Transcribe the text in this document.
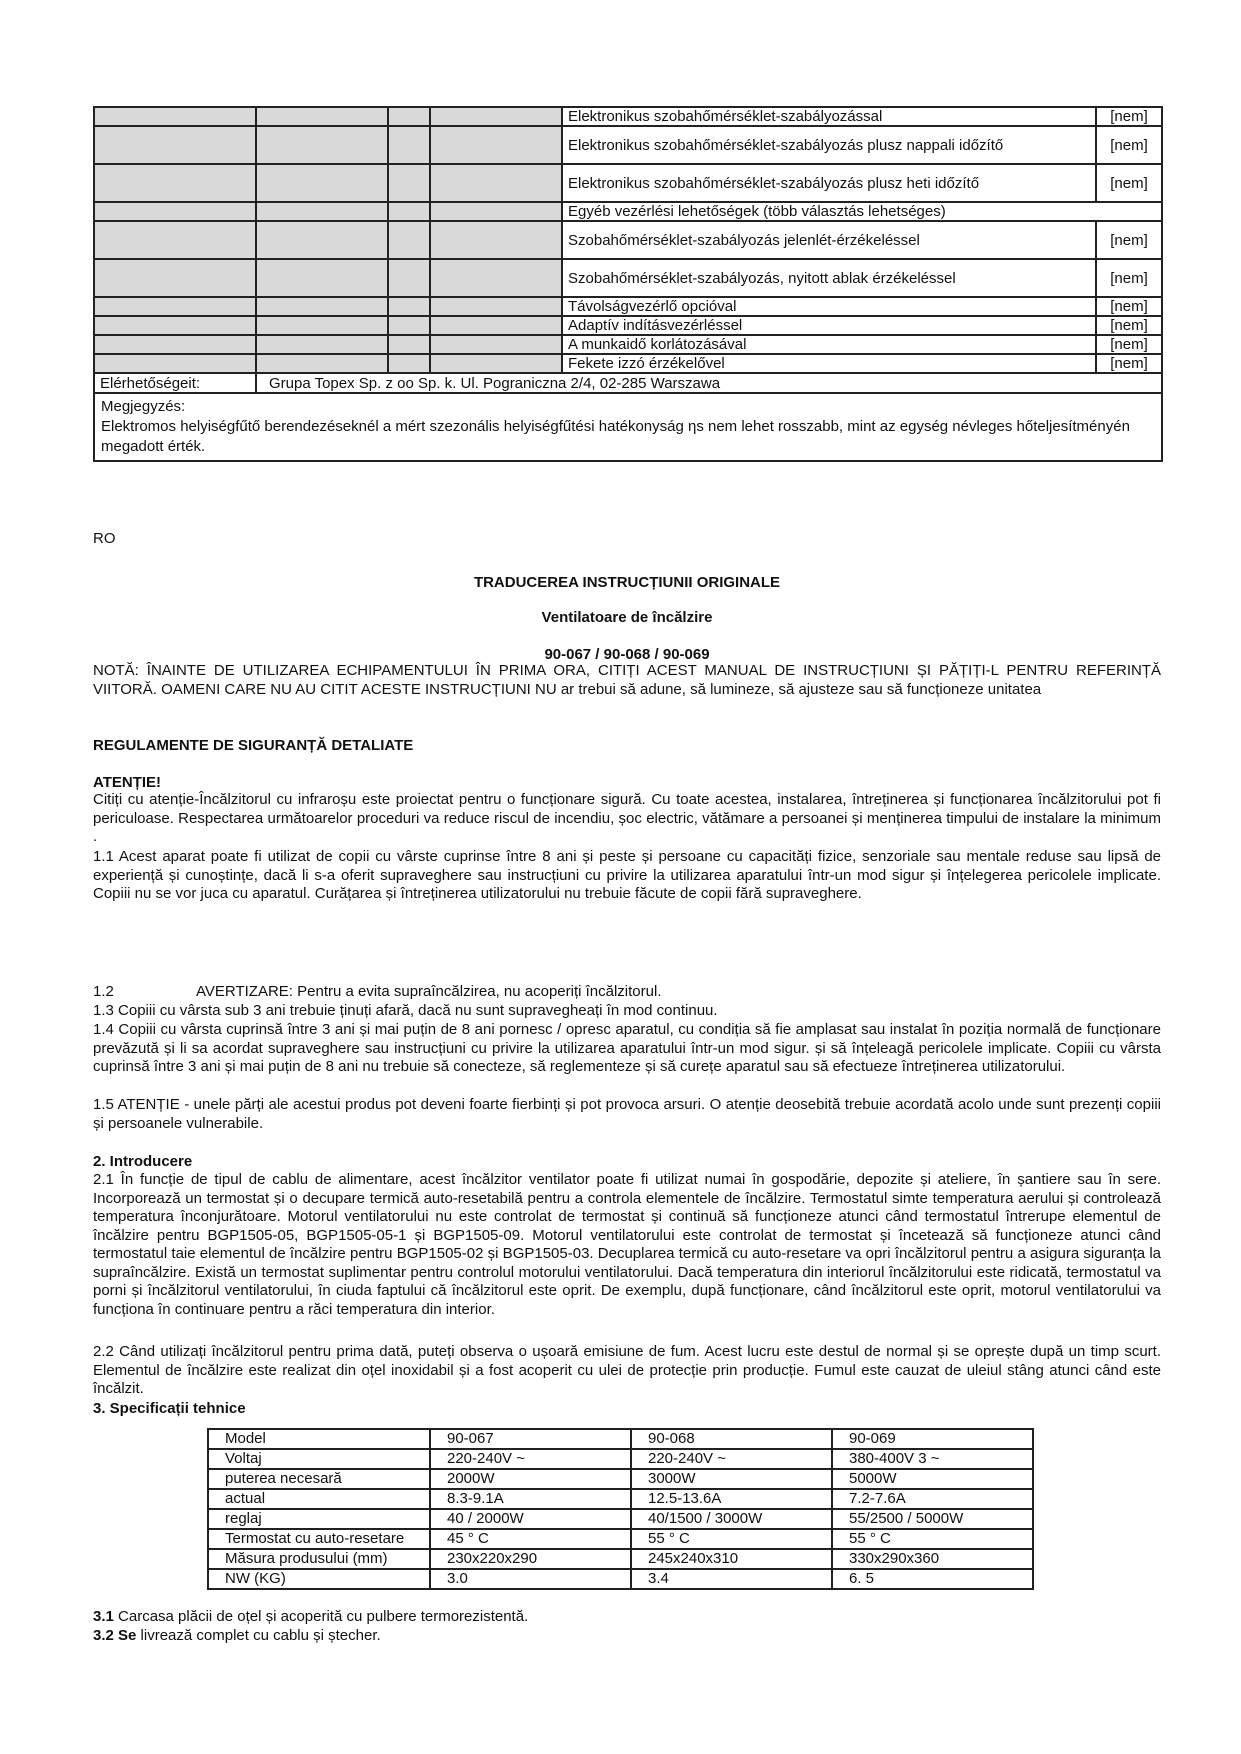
				Elektronikus szobahőmérséklet-szabályozással		[nem]
				Elektronikus szobahőmérséklet-szabályozás plusz nappali időzítő		[nem]
				Elektronikus szobahőmérséklet-szabályozás plusz heti időzítő		[nem]
				Egyéb vezérlési lehetőségek (több választás lehetséges)		
				Szobahőmérséklet-szabályozás jelenlét-érzékeléssel		[nem]
				Szobahőmérséklet-szabályozás, nyitott ablak érzékeléssel		[nem]
				Távolságvezérlő opcióval		[nem]
				Adaptív indításvezérléssel		[nem]
				A munkaidő korlátozásával		[nem]
				Fekete izzó érzékelővel		[nem]
Elérhetőségeit:	Grupa Topex Sp. z oo Sp. k. Ul. Pograniczna 2/4, 02-285 Warszawa					

Megjegyzés:
Elektromos helyiségfűtő berendezéseknél a mért szezonális helyiségfűtési hatékonyság ηs nem lehet rosszabb, mint az egység névleges hőteljesítményén megadott érték.						
RO
TRADUCEREA INSTRUCȚIUNII ORIGINALE
Ventilatoare de încălzire
90-067 / 90-068 / 90-069
NOTĂ: ÎNAINTE DE UTILIZAREA ECHIPAMENTULUI ÎN PRIMA ORA, CITIȚI ACEST MANUAL DE INSTRUCȚIUNI ȘI PĂȚIȚI-L PENTRU REFERINȚĂ VIITORĂ. OAMENI CARE NU AU CITIT ACESTE INSTRUCȚIUNI NU ar trebui să adune, să lumineze, să ajusteze sau să funcționeze unitatea
REGULAMENTE DE SIGURANȚĂ DETALIATE
ATENȚIE!
Citiți cu atenție-Încălzitorul cu infraroșu este proiectat pentru o funcționare sigură. Cu toate acestea, instalarea, întreținerea și funcționarea încălzitorului pot fi periculoase. Respectarea următoarelor proceduri va reduce riscul de incendiu, șoc electric, vătămare a persoanei și menținerea timpului de instalare la minimum .
1.1 Acest aparat poate fi utilizat de copii cu vârste cuprinse între 8 ani și peste și persoane cu capacități fizice, senzoriale sau mentale reduse sau lipsă de experiență și cunoștințe, dacă li s-a oferit supraveghere sau instrucțiuni cu privire la utilizarea aparatului într-un mod sigur și înțelegerea pericolele implicate. Copiii nu se vor juca cu aparatul. Curățarea și întreținerea utilizatorului nu trebuie făcute de copii fără supraveghere.
1.2	AVERTIZARE: Pentru a evita supraîncălzirea, nu acoperiți încălzitorul.
1.3 Copiii cu vârsta sub 3 ani trebuie ținuți afară, dacă nu sunt supravegheați în mod continuu.
1.4 Copiii cu vârsta cuprinsă între 3 ani și mai puțin de 8 ani pornesc / opresc aparatul, cu condiția să fie amplasat sau instalat în poziția normală de funcționare prevăzută și li sa acordat supraveghere sau instrucțiuni cu privire la utilizarea aparatului într-un mod sigur. și să înțeleagă pericolele implicate. Copiii cu vârsta cuprinsă între 3 ani și mai puțin de 8 ani nu trebuie să conecteze, să reglementeze și să curețe aparatul sau să efectueze întreținerea utilizatorului.
1.5 ATENȚIE - unele părți ale acestui produs pot deveni foarte fierbinți și pot provoca arsuri. O atenție deosebită trebuie acordată acolo unde sunt prezenți copiii și persoanele vulnerabile.
2. Introducere
2.1 În funcție de tipul de cablu de alimentare, acest încălzitor ventilator poate fi utilizat numai în gospodărie, depozite și ateliere, în șantiere sau în sere. Incorporează un termostat și o decupare termică auto-resetabilă pentru a controla elementele de încălzire. Termostatul simte temperatura aerului și controlează temperatura înconjurătoare. Motorul ventilatorului nu este controlat de termostat și continuă să funcționeze atunci când termostatul întrerupe elementul de încălzire pentru BGP1505-05, BGP1505-05-1 și BGP1505-09. Motorul ventilatorului este controlat de termostat și încetează să funcționeze atunci când termostatul taie elementul de încălzire pentru BGP1505-02 și BGP1505-03. Decuplarea termică cu auto-resetare va opri încălzitorul pentru a asigura siguranța la supraîncălzire. Există un termostat suplimentar pentru controlul motorului ventilatorului. Dacă temperatura din interiorul încălzitorului este ridicată, termostatul va porni și încălzitorul ventilatorului, în ciuda faptului că încălzitorul este oprit. De exemplu, după funcționare, când încălzitorul este oprit, motorul ventilatorului va funcționa în continuare pentru a răci temperatura din interior.
2.2 Când utilizați încălzitorul pentru prima dată, puteți observa o ușoară emisiune de fum. Acest lucru este destul de normal și se oprește după un timp scurt. Elementul de încălzire este realizat din oțel inoxidabil și a fost acoperit cu ulei de protecție prin producție. Fumul este cauzat de uleiul stâng atunci când este încălzit.
3. Specificații tehnice
Model	90-067	90-068	90-069
Voltaj	220-240V ~	220-240V ~	380-400V 3 ~
puterea necesară	2000W	3000W	5000W
actual	8.3-9.1A	12.5-13.6A	7.2-7.6A
reglaj	40 / 2000W	40/1500 / 3000W	55/2500 / 5000W
Termostat cu auto-resetare	45 ° C	55 ° C	55 ° C
Măsura produsului (mm)	230x220x290	245x240x310	330x290x360
NW (KG)	3.0	3.4	6. 5
3.1 Carcasa plăcii de oțel și acoperită cu pulbere termorezistentă.
3.2 Se livrează complet cu cablu și ștecher.
